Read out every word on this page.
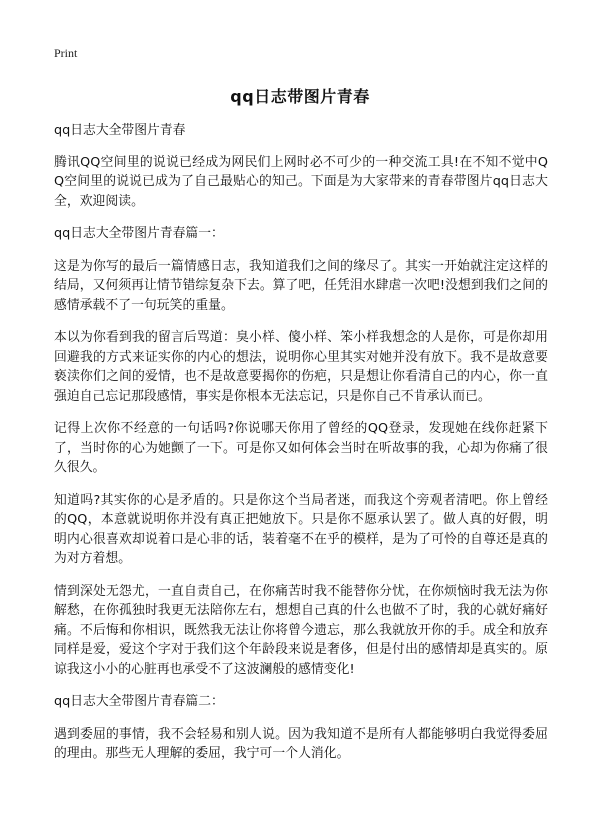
Print
qq日志带图片青春

qq日志大全带图片青春

腾讯QQ空间里的说说已经成为网民们上网时必不可少的一种交流工具!在不知不觉中QQ空间里的说说已成为了自己最贴心的知己。下面是为大家带来的青春带图片qq日志大全，欢迎阅读。

qq日志大全带图片青春篇一：

这是为你写的最后一篇情感日志，我知道我们之间的缘尽了。其实一开始就注定这样的结局，又何须再让情节错综复杂下去。算了吧，任凭泪水肆虐一次吧!没想到我们之间的感情承载不了一句玩笑的重量。

本以为你看到我的留言后骂道：臭小样、傻小样、笨小样我想念的人是你，可是你却用回避我的方式来证实你的内心的想法，说明你心里其实对她并没有放下。我不是故意要亵渎你们之间的爱情，也不是故意要揭你的伤疤，只是想让你看清自己的内心，你一直强迫自己忘记那段感情，事实是你根本无法忘记，只是你自己不肯承认而已。

记得上次你不经意的一句话吗?你说哪天你用了曾经的QQ登录，发现她在线你赶紧下了，当时你的心为她颤了一下。可是你又如何体会当时在听故事的我，心却为你痛了很久很久。

知道吗?其实你的心是矛盾的。只是你这个当局者迷，而我这个旁观者清吧。你上曾经的QQ，本意就说明你并没有真正把她放下。只是你不愿承认罢了。做人真的好假，明明内心很喜欢却说着口是心非的话，装着毫不在乎的模样，是为了可怜的自尊还是真的为对方着想。

情到深处无怨尤，一直自责自己，在你痛苦时我不能替你分忧，在你烦恼时我无法为你解愁，在你孤独时我更无法陪你左右，想想自己真的什么也做不了时，我的心就好痛好痛。不后悔和你相识，既然我无法让你将曾今遗忘，那么我就放开你的手。成全和放弃同样是爱，爱这个字对于我们这个年龄段来说是奢侈，但是付出的感情却是真实的。原谅我这小小的心脏再也承受不了这波澜般的感情变化!

qq日志大全带图片青春篇二：

遇到委屈的事情，我不会轻易和别人说。因为我知道不是所有人都能够明白我觉得委屈的理由。那些无人理解的委屈，我宁可一个人消化。
